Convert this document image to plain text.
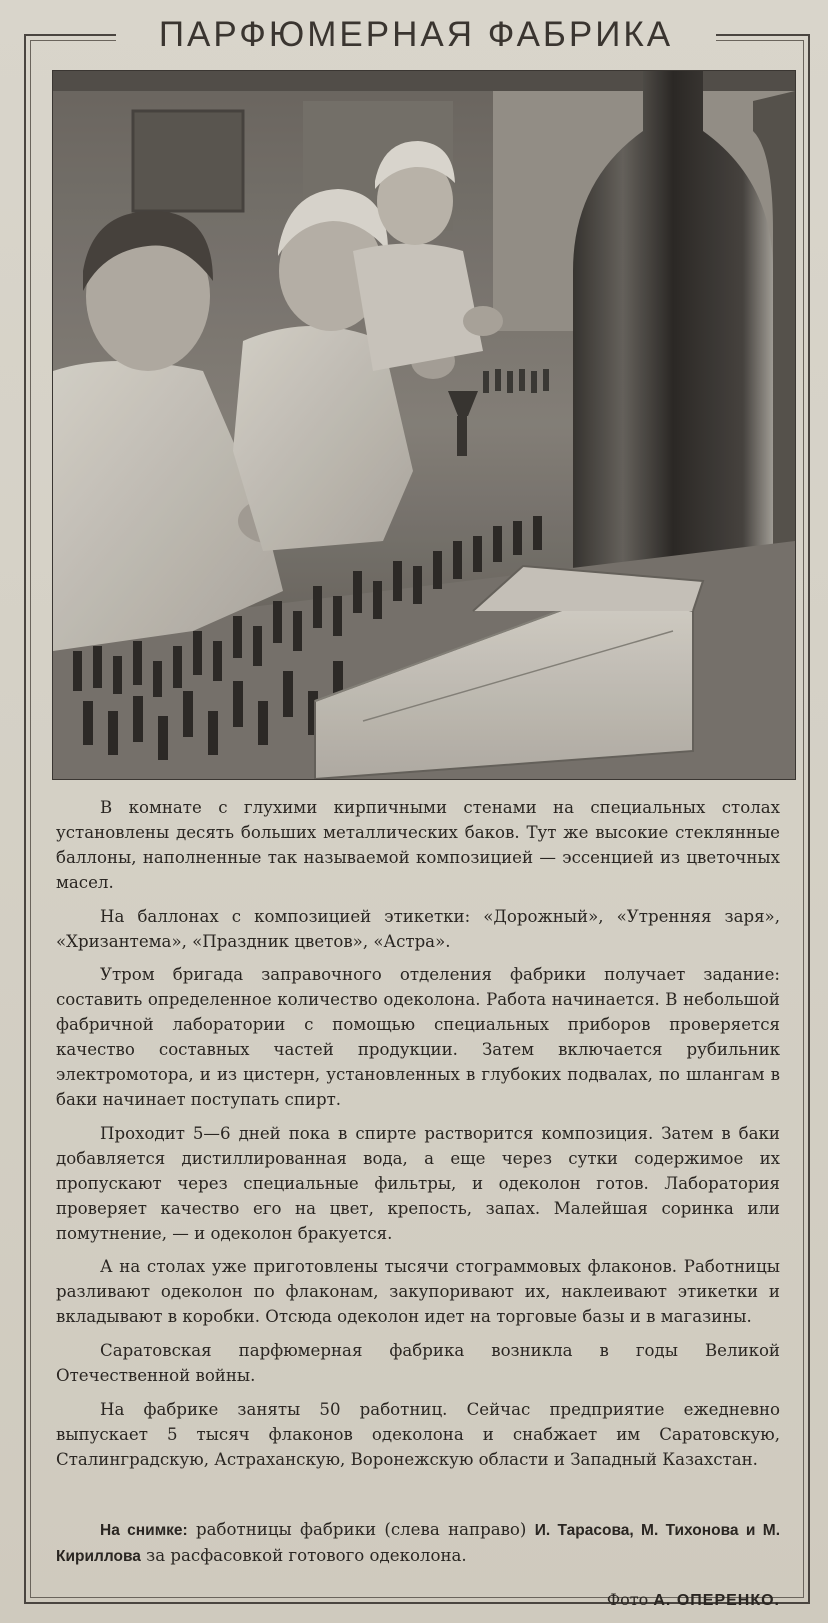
ПАРФЮМЕРНАЯ ФАБРИКА

В комнате с глухими кирпичными стенами на специальных столах установлены десять больших металлических баков. Тут же высокие стеклянные баллоны, наполненные так называемой композицией — эссенцией из цветочных масел.

На баллонах с композицией этикетки: «Дорожный», «Утренняя заря», «Хризантема», «Праздник цветов», «Астра».

Утром бригада заправочного отделения фабрики получает задание: составить определенное количество одеколона. Работа начинается. В небольшой фабричной лаборатории с помощью специальных приборов проверяется качество составных частей продукции. Затем включается рубильник электромотора, и из цистерн, установленных в глубоких подвалах, по шлангам в баки начинает поступать спирт.

Проходит 5—6 дней пока в спирте растворится композиция. Затем в баки добавляется дистиллированная вода, а еще через сутки содержимое их пропускают через специальные фильтры, и одеколон готов. Лаборатория проверяет качество его на цвет, крепость, запах. Малейшая соринка или помутнение, — и одеколон бракуется.

А на столах уже приготовлены тысячи стограммовых флаконов. Работницы разливают одеколон по флаконам, закупоривают их, наклеивают этикетки и вкладывают в коробки. Отсюда одеколон идет на торговые базы и в магазины.

Саратовская парфюмерная фабрика возникла в годы Великой Отечественной войны.

На фабрике заняты 50 работниц. Сейчас предприятие ежедневно выпускает 5 тысяч флаконов одеколона и снабжает им Саратовскую, Сталинградскую, Астраханскую, Воронежскую области и Западный Казахстан.

На снимке: работницы фабрики (слева направо) И. Тарасова, М. Тихонова и М. Кириллова за расфасовкой готового одеколона.
Фото А. ОПЕРЕНКО.
